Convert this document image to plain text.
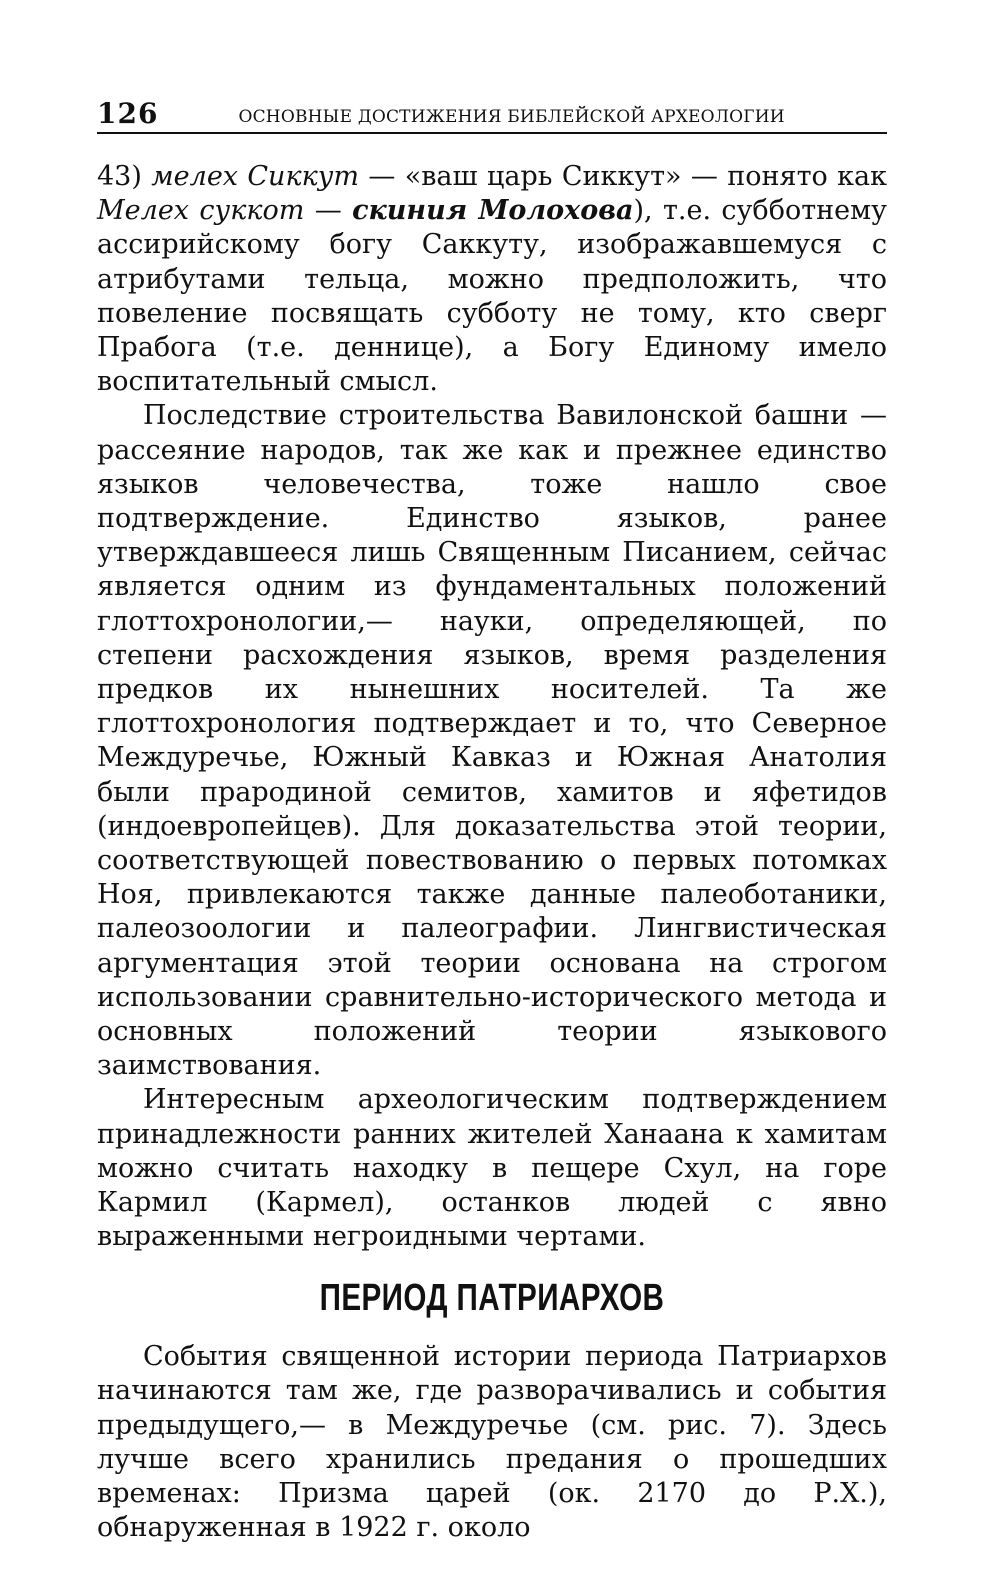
126	ОСНОВНЫЕ ДОСТИЖЕНИЯ БИБЛЕЙСКОЙ АРХЕОЛОГИИ

43) мелех Сиккут — «ваш царь Сиккут» — понято как Мелех суккот — скиния Молохова), т.е. субботнему ассирийскому богу Саккуту, изображавшемуся с атрибутами тельца, можно предположить, что повеление посвящать субботу не тому, кто сверг Прабога (т.е. деннице), а Богу Единому имело воспитательный смысл.

Последствие строительства Вавилонской башни — рассеяние народов, так же как и прежнее единство языков человечества, тоже нашло свое подтверждение. Единство языков, ранее утверждавшееся лишь Священным Писанием, сейчас является одним из фундаментальных положений глоттохронологии,— науки, определяющей, по степени расхождения языков, время разделения предков их нынешних носителей. Та же глоттохронология подтверждает и то, что Северное Междуречье, Южный Кавказ и Южная Анатолия были прародиной семитов, хамитов и яфетидов (индоевропейцев). Для доказательства этой теории, соответствующей повествованию о первых потомках Ноя, привлекаются также данные палеоботаники, палеозоологии и палеографии. Лингвистическая аргументация этой теории основана на строгом использовании сравнительно-исторического метода и основных положений теории языкового заимствования.

Интересным археологическим подтверждением принадлежности ранних жителей Ханаана к хамитам можно считать находку в пещере Схул, на горе Кармил (Кармел), останков людей с явно выраженными негроидными чертами.

ПЕРИОД ПАТРИАРХОВ

События священной истории периода Патриархов начинаются там же, где разворачивались и события предыдущего,— в Междуречье (см. рис. 7). Здесь лучше всего хранились предания о прошедших временах: Призма царей (ок. 2170 до Р.Х.), обнаруженная в 1922 г. около
